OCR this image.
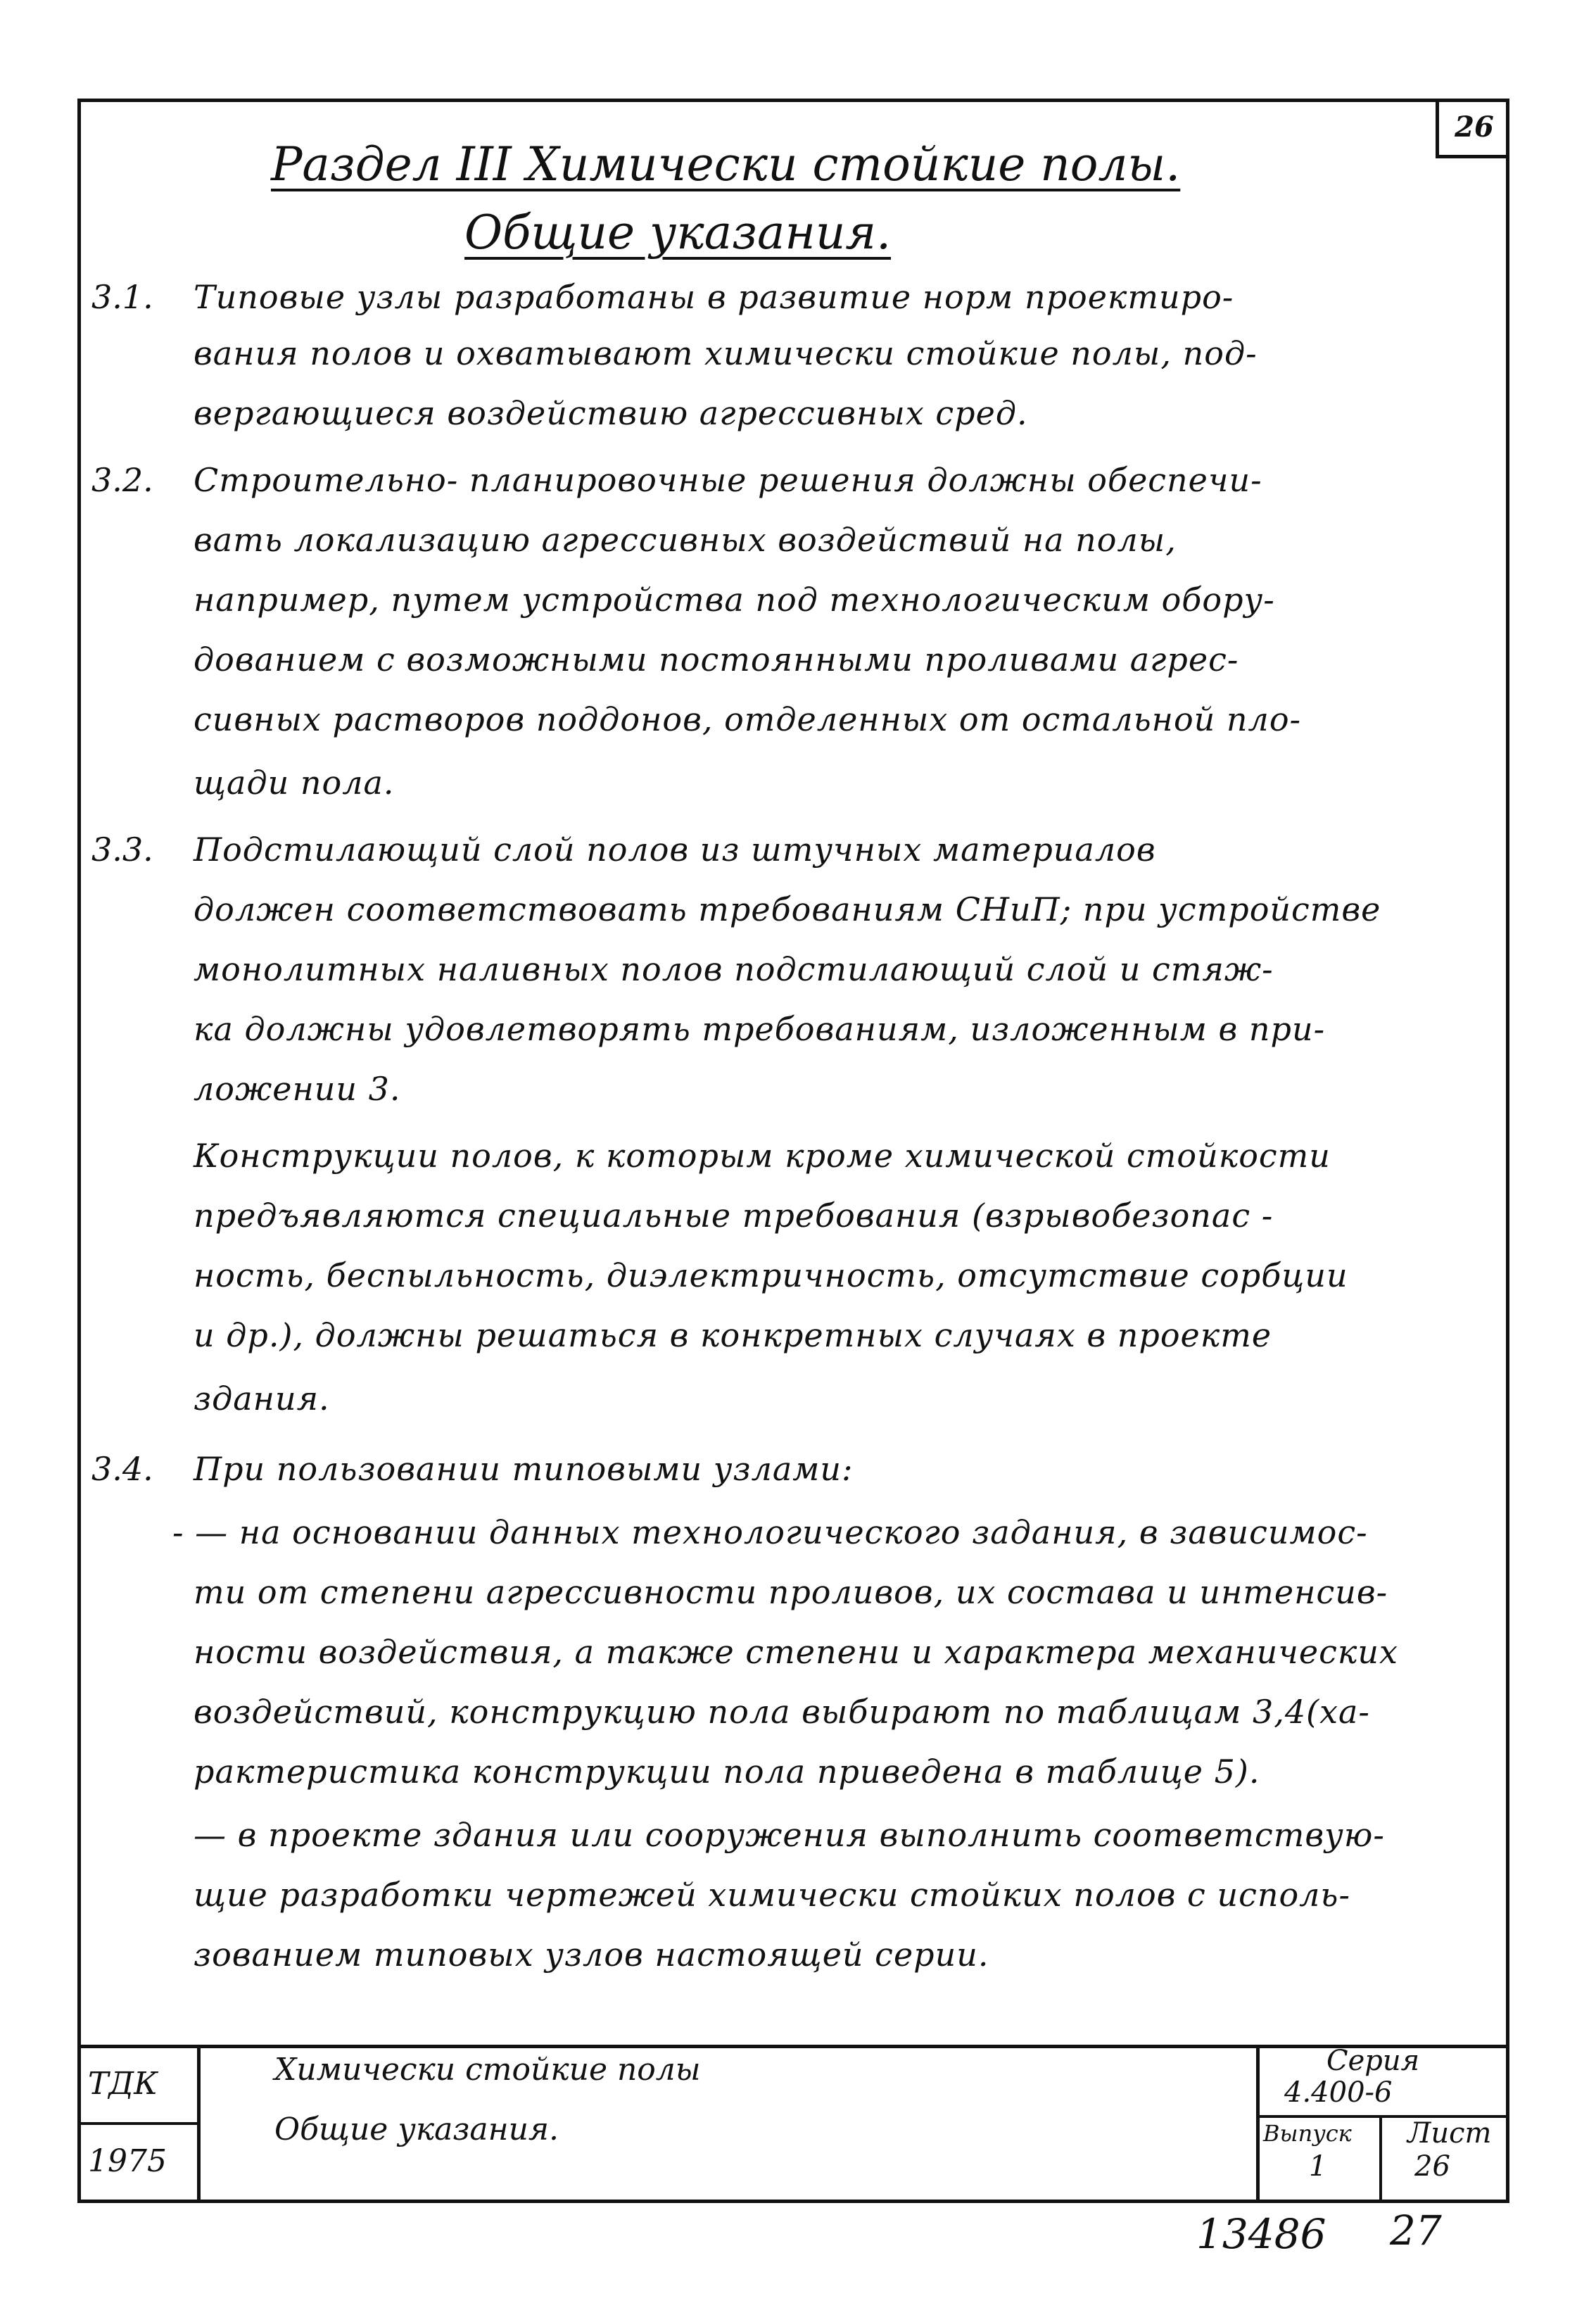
26
Раздел III Химически стойкие полы.
Общие указания.
3.1. Типовые узлы разработаны в развитие норм проектиро-
вания полов и охватывают химически стойкие полы, под-
вергающиеся воздействию агрессивных сред.
3.2. Строительно- планировочные решения должны обеспечи-
вать локализацию агрессивных воздействий на полы,
например, путем устройства под технологическим обору-
дованием с возможными постоянными проливами агрес-
сивных растворов поддонов, отделенных от остальной пло-
щади пола.
3.3. Подстилающий слой полов из штучных материалов
должен соответствовать требованиям СНиП; при устройстве
монолитных наливных полов подстилающий слой и стяж-
ка должны удовлетворять требованиям, изложенным в при-
ложении 3.
Конструкции полов, к которым кроме химической стойкости
предъявляются специальные требования (взрывобезопас -
ность, беспыльность, диэлектричность, отсутствие сорбции
и др.), должны решаться в конкретных случаях в проекте
здания.
3.4. При пользовании типовыми узлами:
- — на основании данных технологического задания, в зависимос-
ти от степени агрессивности проливов, их состава и интенсив-
ности воздействия, а также степени и характера механических
воздействий, конструкцию пола выбирают по таблицам 3,4(ха-
рактеристика конструкции пола приведена в таблице 5).
— в проекте здания или сооружения выполнить соответствую-
щие разработки чертежей химически стойких полов с исполь-
зованием типовых узлов настоящей серии.
ТДК
1975
Химически стойкие полы
Общие указания.
Серия
4.400-6
Выпуск
1
Лист
26
13486 27
